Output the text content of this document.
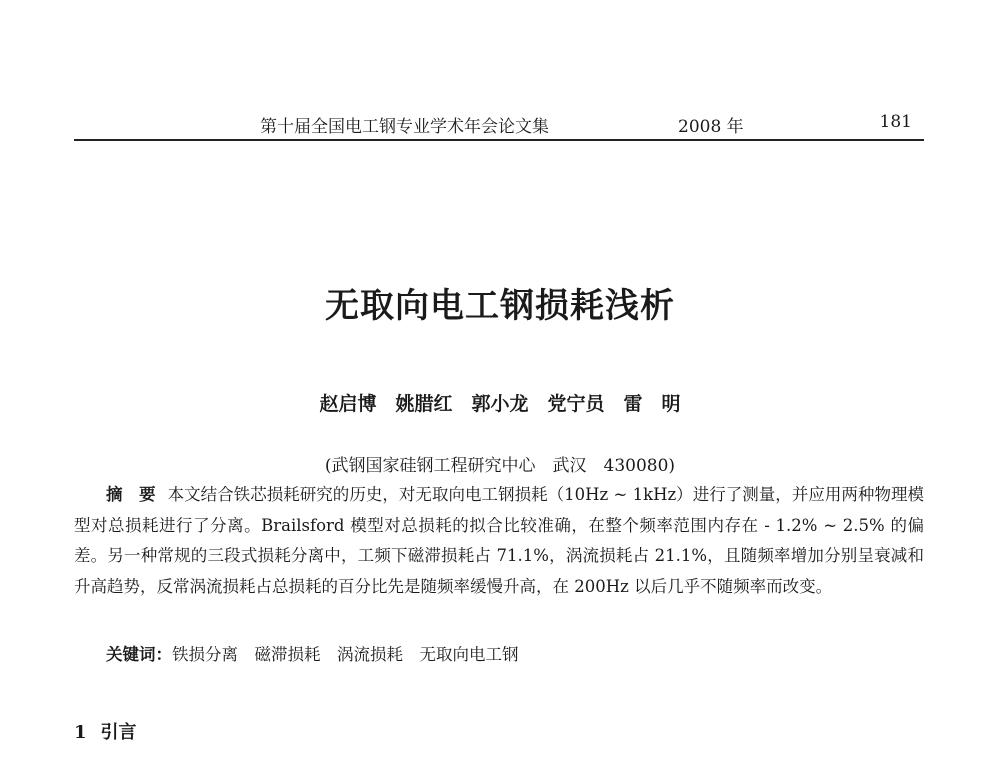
第十届全国电工钢专业学术年会论文集	2008 年	181
无取向电工钢损耗浅析
赵启博　姚腊红　郭小龙　党宁员　雷　明
(武钢国家硅钢工程研究中心　武汉　430080)
摘　要 本文结合铁芯损耗研究的历史，对无取向电工钢损耗（10Hz ~ 1kHz）进行了测量，并应用两种物理模型对总损耗进行了分离。Brailsford 模型对总损耗的拟合比较准确，在整个频率范围内存在 - 1.2% ~ 2.5% 的偏差。另一种常规的三段式损耗分离中，工频下磁滞损耗占 71.1%，涡流损耗占 21.1%，且随频率增加分别呈衰减和升高趋势，反常涡流损耗占总损耗的百分比先是随频率缓慢升高，在 200Hz 以后几乎不随频率而改变。
关键词：铁损分离　磁滞损耗　涡流损耗　无取向电工钢
1 引言
